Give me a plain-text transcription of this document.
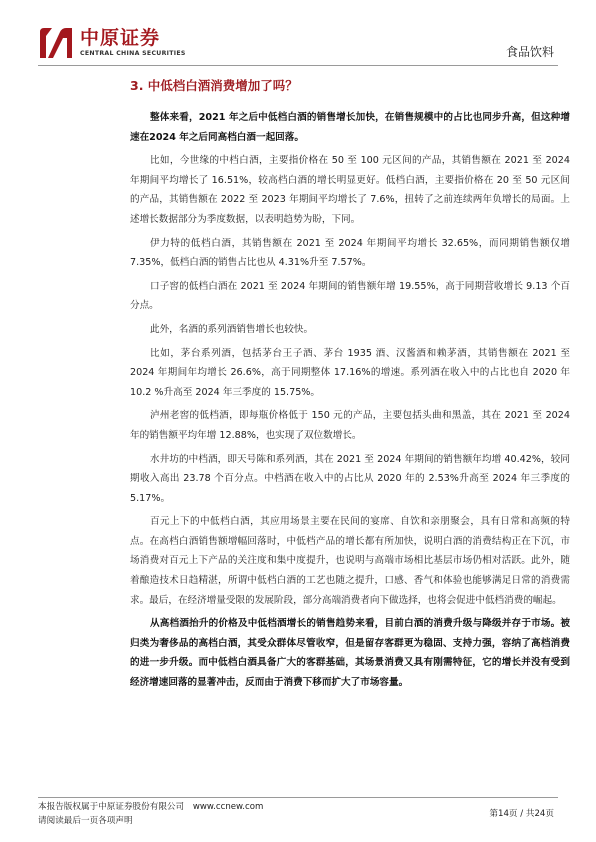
中原证券
CENTRAL CHINA SECURITIES	食品饮料
3. 中低档白酒消费增加了吗？

整体来看，2021 年之后中低档白酒的销售增长加快，在销售规模中的占比也同步升高，但这种增速在2024 年之后同高档白酒一起回落。

比如，今世缘的中档白酒，主要指价格在 50 至 100 元区间的产品，其销售额在 2021 至 2024 年期间平均增长了 16.51%，较高档白酒的增长明显更好。低档白酒，主要指价格在 20 至 50 元区间的产品，其销售额在 2022 至 2023 年期间平均增长了 7.6%，扭转了之前连续两年负增长的局面。上述增长数据部分为季度数据，以表明趋势为盼，下同。

伊力特的低档白酒，其销售额在 2021 至 2024 年期间平均增长 32.65%，而同期销售额仅增 7.35%，低档白酒的销售占比也从 4.31%升至 7.57%。

口子窖的低档白酒在 2021 至 2024 年期间的销售额年增 19.55%，高于同期营收增长 9.13 个百分点。

此外，名酒的系列酒销售增长也较快。

比如，茅台系列酒，包括茅台王子酒、茅台 1935 酒、汉酱酒和赖茅酒，其销售额在 2021 至 2024 年期间年均增长 26.6%，高于同期整体 17.16%的增速。系列酒在收入中的占比也自 2020 年 10.2 %升高至 2024 年三季度的 15.75%。

泸州老窖的低档酒，即每瓶价格低于 150 元的产品，主要包括头曲和黑盖，其在 2021 至 2024 年的销售额平均年增 12.88%，也实现了双位数增长。

水井坊的中档酒，即天号陈和系列酒，其在 2021 至 2024 年期间的销售额年均增 40.42%，较同期收入高出 23.78 个百分点。中档酒在收入中的占比从 2020 年的 2.53%升高至 2024 年三季度的 5.17%。

百元上下的中低档白酒，其应用场景主要在民间的宴席、自饮和亲朋聚会，具有日常和高频的特点。在高档白酒销售额增幅回落时，中低档产品的增长都有所加快，说明白酒的消费结构正在下沉，市场消费对百元上下产品的关注度和集中度提升，也说明与高端市场相比基层市场仍相对活跃。此外，随着酿造技术日趋精湛，所谓中低档白酒的工艺也随之提升，口感、香气和体验也能够满足日常的消费需求。最后，在经济增量受限的发展阶段，部分高端消费者向下做选择，也将会促进中低档消费的崛起。

从高档酒抬升的价格及中低档酒增长的销售趋势来看，目前白酒的消费升级与降级并存于市场。被归类为奢侈品的高档白酒，其受众群体尽管收窄，但是留存客群更为稳固、支持力强，容纳了高档消费的进一步升级。而中低档白酒具备广大的客群基础，其场景消费又具有刚需特征，它的增长并没有受到经济增速回落的显著冲击，反而由于消费下移而扩大了市场容量。

本报告版权属于中原证券股份有限公司 www.ccnew.com
请阅读最后一页各项声明
第14页 / 共24页
